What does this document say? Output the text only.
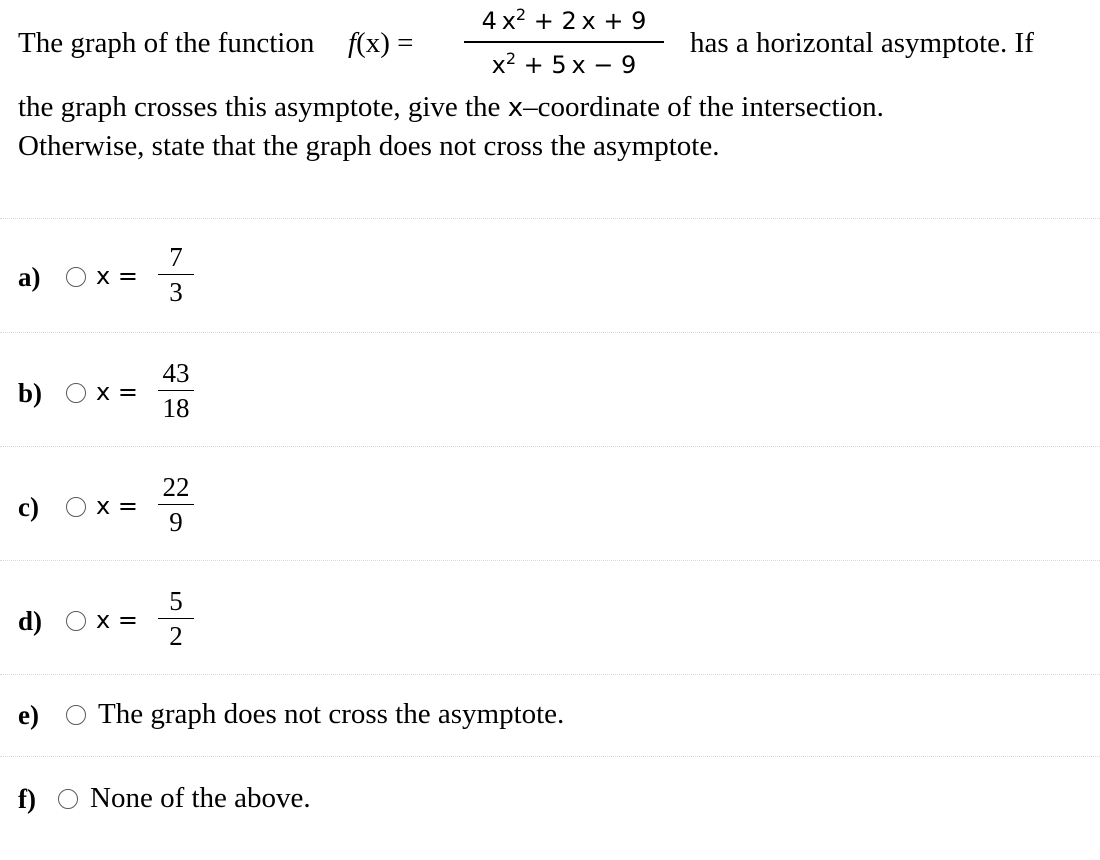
The graph of the function f(x) =
4 $x^2 + 2$ x + 9
$x^2 + 5$ x − 9
has a horizontal asymptote. If

the graph crosses this asymptote, give the x–coordinate of the intersection.

Otherwise, state that the graph does not cross the asymptote.

a) x =
7
3
b) x =
43
18
c) x =
22
9
d) x =
5
2
e) The graph does not cross the asymptote.
f) None of the above.
